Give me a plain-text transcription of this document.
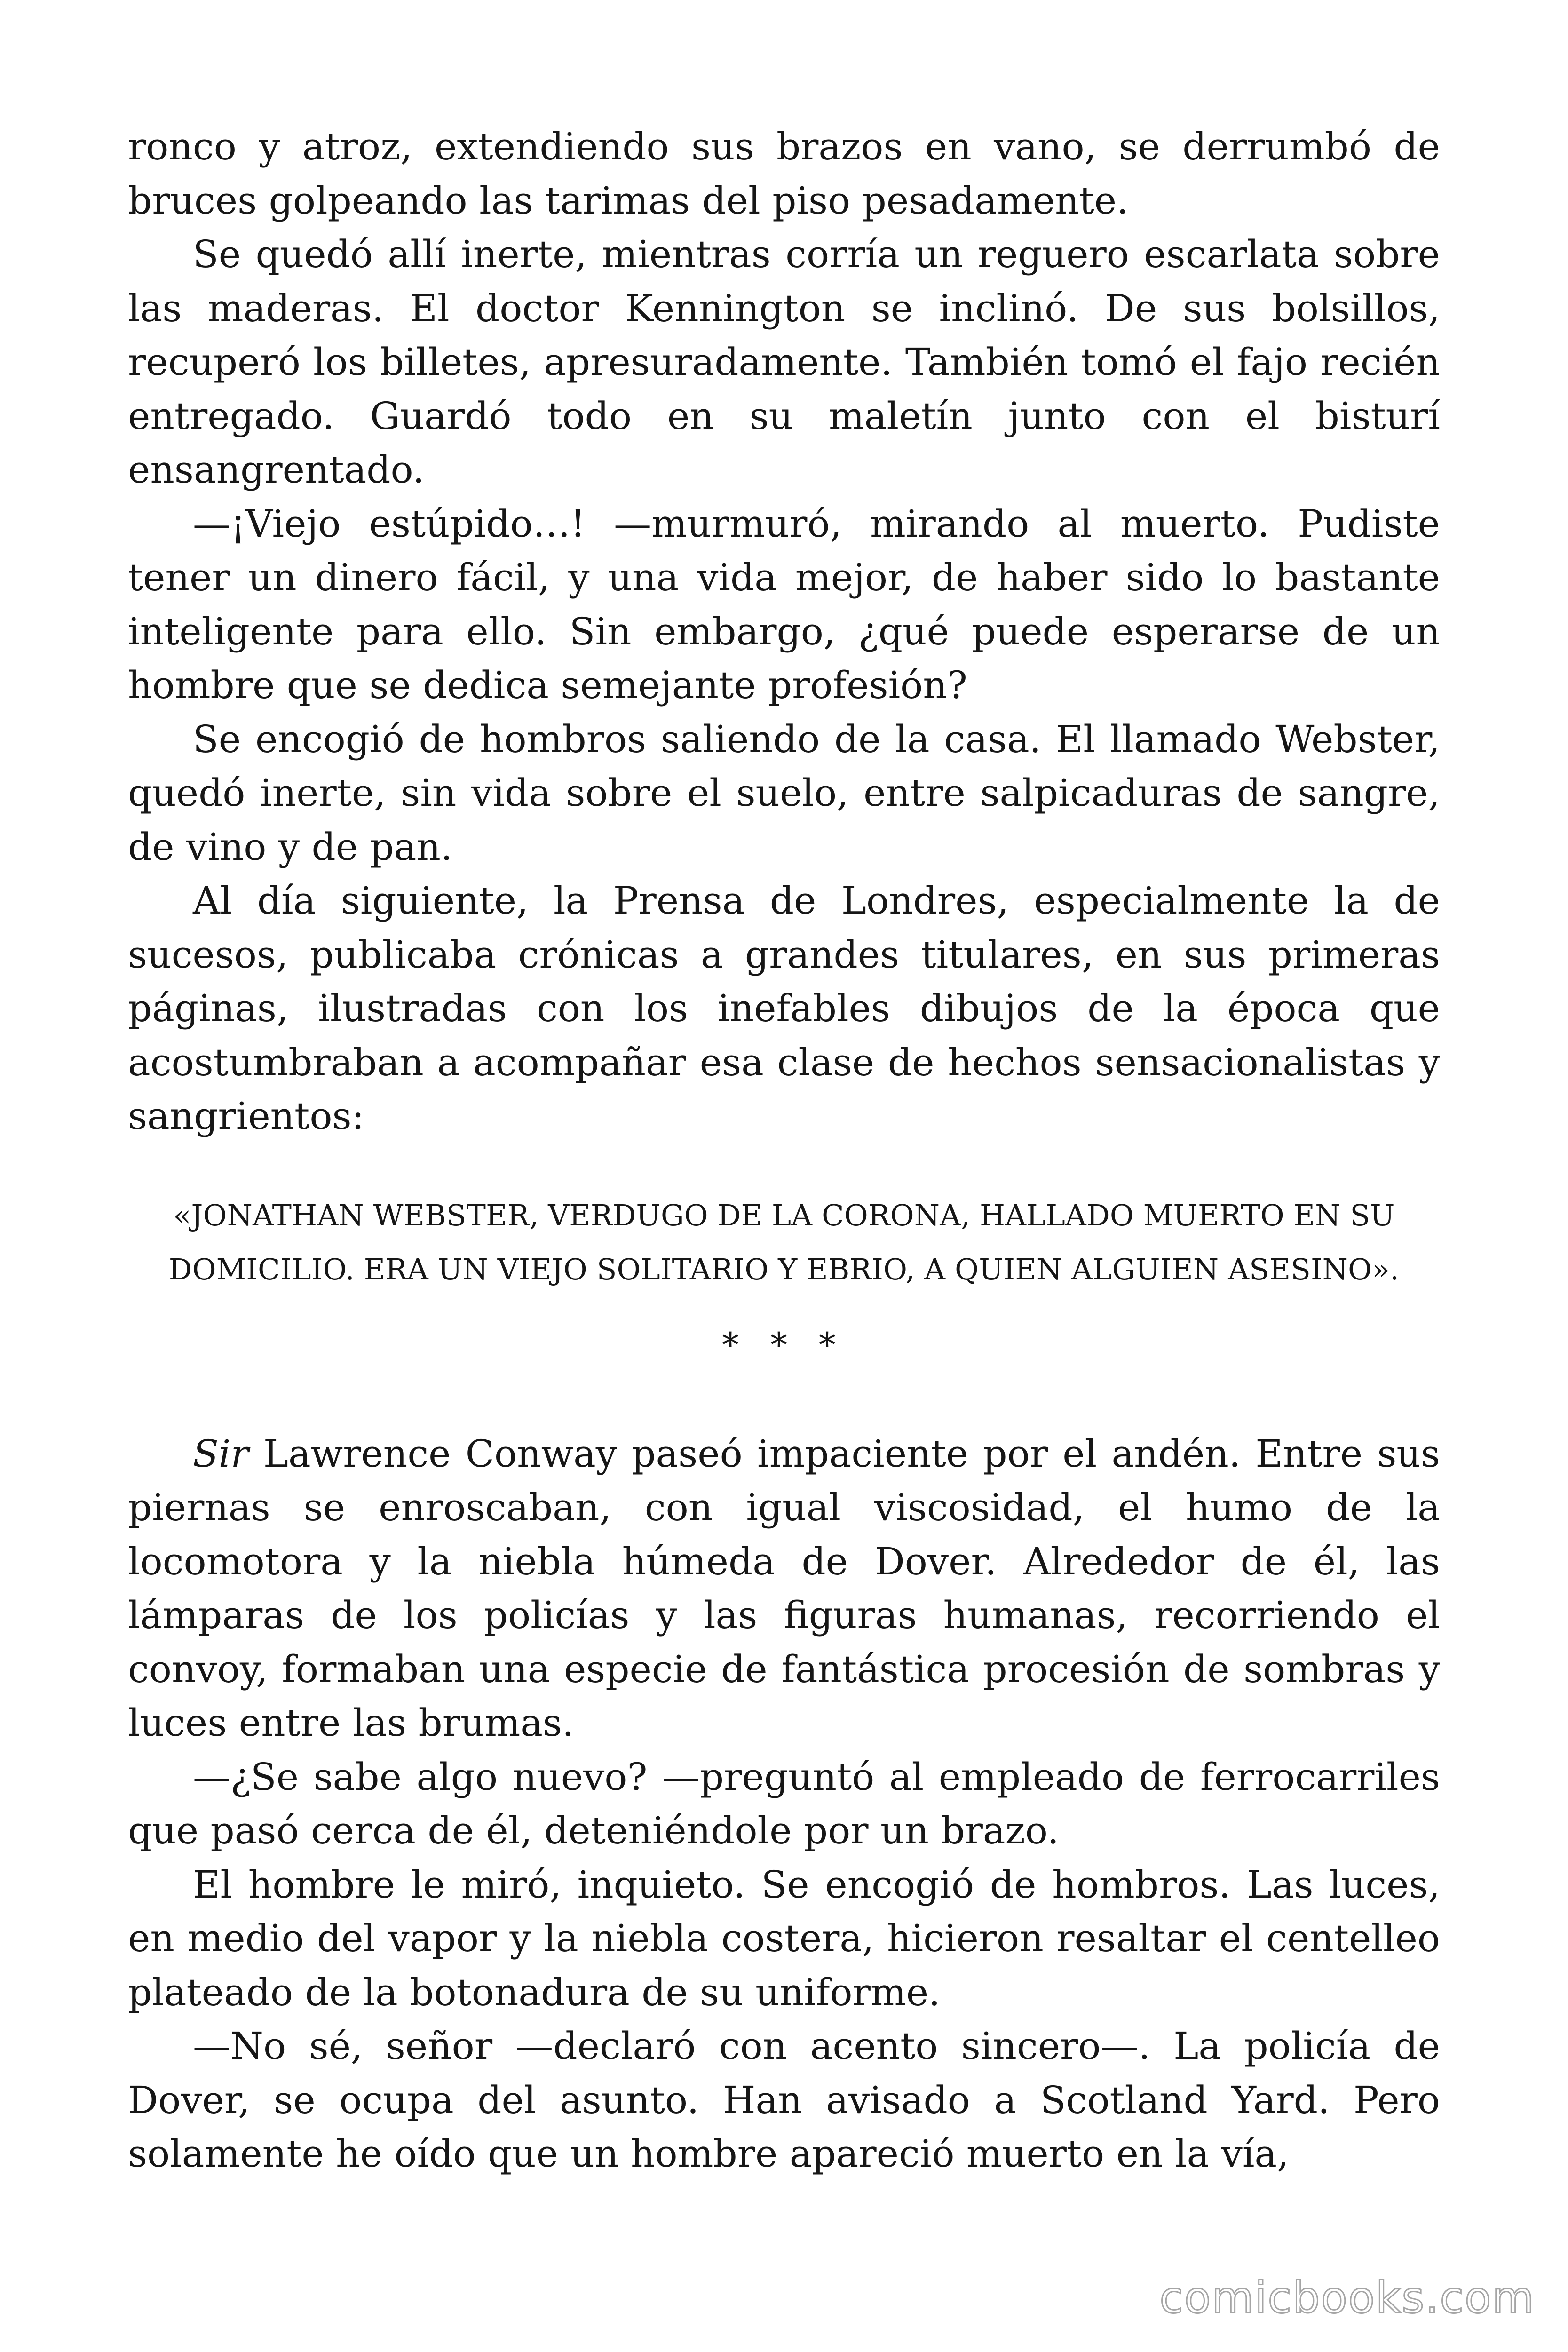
ronco y atroz, extendiendo sus brazos en vano, se derrumbó de bruces golpeando las tarimas del piso pesadamente.

Se quedó allí inerte, mientras corría un reguero escarlata sobre las maderas. El doctor Kennington se inclinó. De sus bolsillos, recuperó los billetes, apresuradamente. También tomó el fajo recién entregado. Guardó todo en su maletín junto con el bisturí ensangrentado.

—¡Viejo estúpido…! —murmuró, mirando al muerto. Pudiste tener un dinero fácil, y una vida mejor, de haber sido lo bastante inteligente para ello. Sin embargo, ¿qué puede esperarse de un hombre que se dedica semejante profesión?

Se encogió de hombros saliendo de la casa. El llamado Webster, quedó inerte, sin vida sobre el suelo, entre salpicaduras de sangre, de vino y de pan.

Al día siguiente, la Prensa de Londres, especialmente la de sucesos, publicaba crónicas a grandes titulares, en sus primeras páginas, ilustradas con los inefables dibujos de la época que acostumbraban a acompañar esa clase de hechos sensacionalistas y sangrientos:

«JONATHAN WEBSTER, VERDUGO DE LA CORONA, HALLADO MUERTO EN SU
DOMICILIO. ERA UN VIEJO SOLITARIO Y EBRIO, A QUIEN ALGUIEN ASESINO».
* * *

Sir Lawrence Conway paseó impaciente por el andén. Entre sus piernas se enroscaban, con igual viscosidad, el humo de la locomotora y la niebla húmeda de Dover. Alrededor de él, las lámparas de los policías y las figuras humanas, recorriendo el convoy, formaban una especie de fantástica procesión de sombras y luces entre las brumas.

—¿Se sabe algo nuevo? —preguntó al empleado de ferrocarriles que pasó cerca de él, deteniéndole por un brazo.

El hombre le miró, inquieto. Se encogió de hombros. Las luces, en medio del vapor y la niebla costera, hicieron resaltar el centelleo plateado de la botonadura de su uniforme.

—No sé, señor —declaró con acento sincero—. La policía de Dover, se ocupa del asunto. Han avisado a Scotland Yard. Pero solamente he oído que un hombre apareció muerto en la vía,

comicbooks.com
